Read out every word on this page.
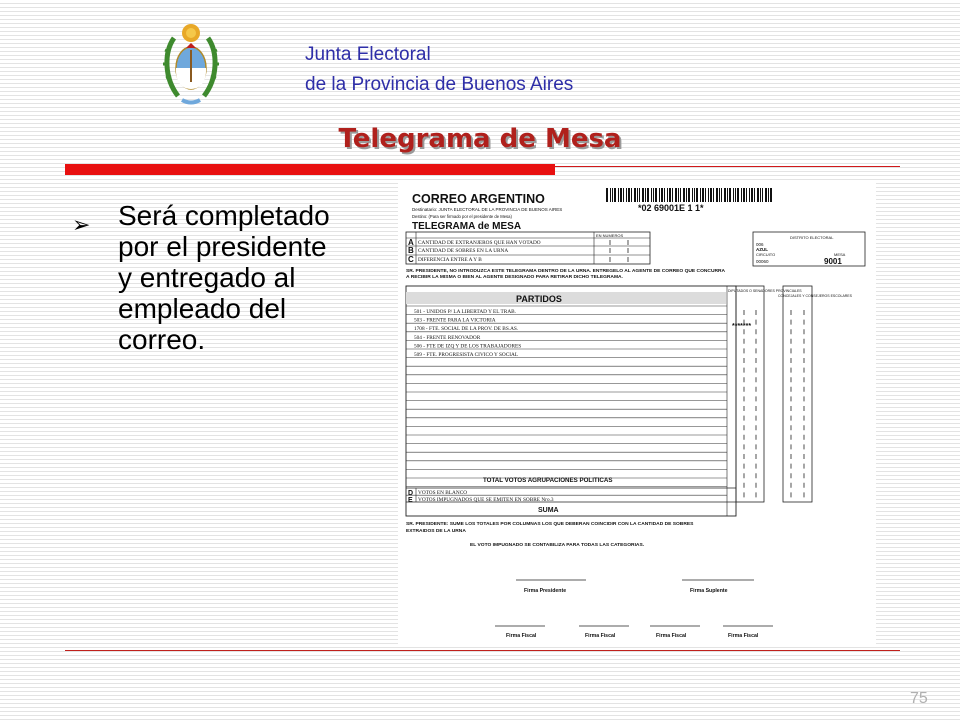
Junta Electoral
de la Provincia de Buenos Aires
Telegrama de Mesa
➢ Será completado por el presidente y entregado al empleado del correo.
CORREO ARGENTINO
Destinatario: JUNTA ELECTORAL DE LA PROVINCIA DE BUENOS AIRES
Destino: (Para ser firmado por el presidente de Mesa)
*02 69001E 1 1*
TELEGRAMA de MESA
EN NUMEROS
A CANTIDAD DE EXTRANJEROS QUE HAN VOTADO
B CANTIDAD DE SOBRES EN LA URNA
C DIFERENCIA ENTRE A Y B
DISTRITO ELECTORAL
006
AZUL
CIRCUITO	MESA
00060	9001
SR. PRESIDENTE, NO INTRODUZCA ESTE TELEGRAMA DENTRO DE LA URNA. ENTREGELO AL AGENTE DE CORREO QUE CONCURRA
A RECIBIR LA MISMA O BIEN AL AGENTE DESIGNADO PARA RETIRAR DICHO TELEGRAMA.
PARTIDOS
DIPUTADOS O SENADORES PROVINCIALES
CONCEJALES Y CONSEJEROS ESCOLARES
501 - UNIDOS P/ LA LIBERTAD Y EL TRAB.
503 - FRENTE PARA LA VICTORIA
1708 - FTE. SOCIAL DE LA PROV. DE BS.AS.
504 - FRENTE RENOVADOR
506 - FTE DE IZQ Y DE LOS TRABAJADORES
509 - FTE. PROGRESISTA CIVICO Y SOCIAL
*******
TOTAL VOTOS AGRUPACIONES POLITICAS
D VOTOS EN BLANCO
E VOTOS IMPUGNADOS QUE SE EMITEN EN SOBRE Nro.3
SUMA
SR. PRESIDENTE: SUME LOS TOTALES POR COLUMNAS LOS QUE DEBERAN COINCIDIR CON LA CANTIDAD DE SOBRES
EXTRAIDOS DE LA URNA
EL VOTO IMPUGNADO SE CONTABILIZA PARA TODAS LAS CATEGORIAS.
Firma Presidente	Firma Suplente
Firma Fiscal	Firma Fiscal	Firma Fiscal	Firma Fiscal
75
